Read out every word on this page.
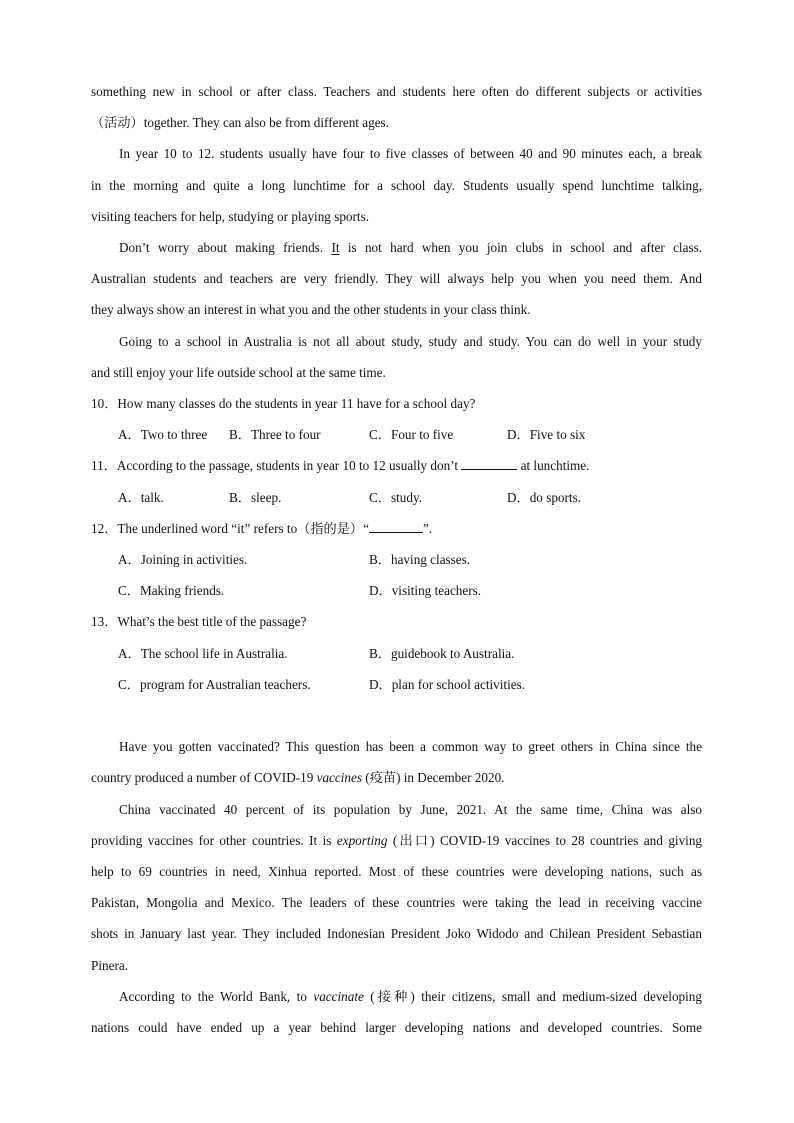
something new in school or after class. Teachers and students here often do different subjects or activities
（活动）together. They can also be from different ages.

In year 10 to 12. students usually have four to five classes of between 40 and 90 minutes each, a break

in the morning and quite a long lunchtime for a school day. Students usually spend lunchtime talking,
visiting teachers for help, studying or playing sports.

Don’t worry about making friends. It is not hard when you join clubs in school and after class.

Australian students and teachers are very friendly. They will always help you when you need them. And
they always show an interest in what you and the other students in your class think.

Going to a school in Australia is not all about study, study and study. You can do well in your study

and still enjoy your life outside school at the same time.

10．How many classes do the students in year 11 have for a school day?
A．Two to three B．Three to four	C．Four to five	D．Five to six
11．According to the passage, students in year 10 to 12 usually don’t	at lunchtime.
A．talk.	B．sleep.	C．study.	D．do sports.
12．The underlined word “it” refers to（指的是）“	”.
A．Joining in activities.	B．having classes.
C．Making friends.	D．visiting teachers.
13．What’s the best title of the passage?
A．The school life in Australia.	B．guidebook to Australia.
C．program for Australian teachers.	D．plan for school activities.

Have you gotten vaccinated? This question has been a common way to greet others in China since the

country produced a number of COVID-19 vaccines (疫苗) in December 2020.

China vaccinated 40 percent of its population by June, 2021. At the same time, China was also

providing vaccines for other countries. It is exporting (出口) COVID-19 vaccines to 28 countries and giving
help to 69 countries in need, Xinhua reported. Most of these countries were developing nations, such as
Pakistan, Mongolia and Mexico. The leaders of these countries were taking the lead in receiving vaccine
shots in January last year. They included Indonesian President Joko Widodo and Chilean President Sebastian
Pinera.

According to the World Bank, to vaccinate (接种) their citizens, small and medium-sized developing

nations could have ended up a year behind larger developing nations and developed countries. Some
